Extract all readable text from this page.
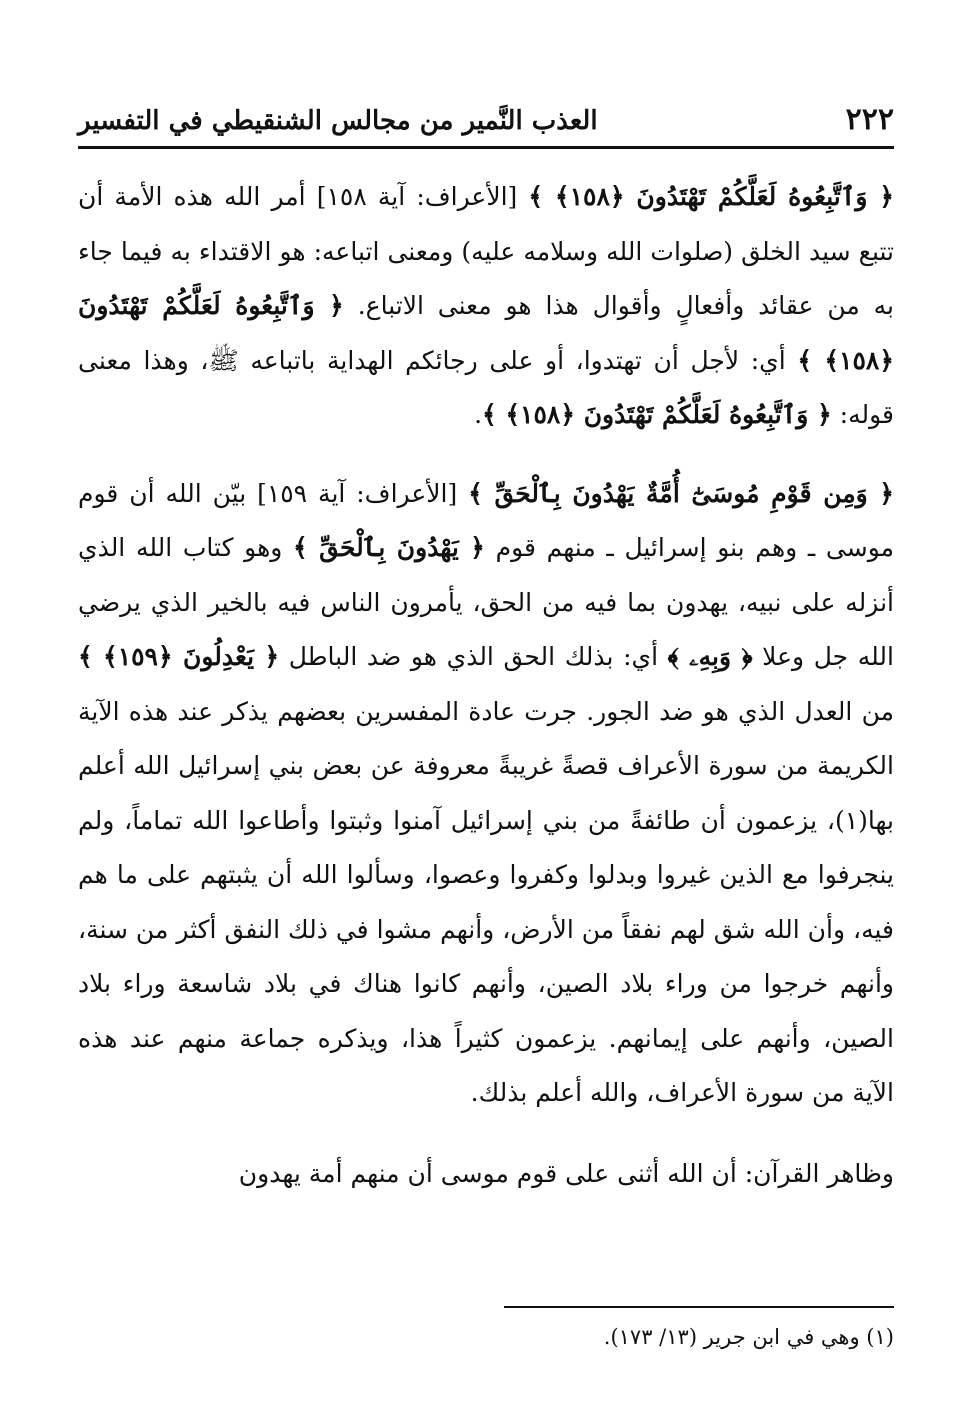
٢٢٢
العذب النَّمير من مجالس الشنقيطي في التفسير

﴿ وَٱتَّبِعُوهُ لَعَلَّكُمْ تَهْتَدُونَ ﴿١٥٨﴾ ﴾ [الأعراف: آية ١٥٨] أمر الله هذه الأمة أن تتبع سيد الخلق (صلوات الله وسلامه عليه) ومعنى اتباعه: هو الاقتداء به فيما جاء به من عقائد وأفعالٍ وأقوال هذا هو معنى الاتباع. ﴿ وَٱتَّبِعُوهُ لَعَلَّكُمْ تَهْتَدُونَ ﴿١٥٨﴾ ﴾ أي: لأجل أن تهتدوا، أو على رجائكم الهداية باتباعه ﷺ، وهذا معنى قوله: ﴿ وَٱتَّبِعُوهُ لَعَلَّكُمْ تَهْتَدُونَ ﴿١٥٨﴾ ﴾.

﴿ وَمِن قَوْمِ مُوسَىٰٓ أُمَّةٌ يَهْدُونَ بِٱلْحَقِّ ﴾ [الأعراف: آية ١٥٩] بيّن الله أن قوم موسى ـ وهم بنو إسرائيل ـ منهم قوم ﴿ يَهْدُونَ بِٱلْحَقِّ ﴾ وهو كتاب الله الذي أنزله على نبيه، يهدون بما فيه من الحق، يأمرون الناس فيه بالخير الذي يرضي الله جل وعلا ﴿ وَبِهِۦ ﴾ أي: بذلك الحق الذي هو ضد الباطل ﴿ يَعْدِلُونَ ﴿١٥٩﴾ ﴾ من العدل الذي هو ضد الجور. جرت عادة المفسرين بعضهم يذكر عند هذه الآية الكريمة من سورة الأعراف قصةً غريبةً معروفة عن بعض بني إسرائيل الله أعلم بها(١)، يزعمون أن طائفةً من بني إسرائيل آمنوا وثبتوا وأطاعوا الله تماماً، ولم ينجرفوا مع الذين غيروا وبدلوا وكفروا وعصوا، وسألوا الله أن يثبتهم على ما هم فيه، وأن الله شق لهم نفقاً من الأرض، وأنهم مشوا في ذلك النفق أكثر من سنة، وأنهم خرجوا من وراء بلاد الصين، وأنهم كانوا هناك في بلاد شاسعة وراء بلاد الصين، وأنهم على إيمانهم. يزعمون كثيراً هذا، ويذكره جماعة منهم عند هذه الآية من سورة الأعراف، والله أعلم بذلك.

وظاهر القرآن: أن الله أثنى على قوم موسى أن منهم أمة يهدون

(١) وهي في ابن جرير (١٣/ ١٧٣).
